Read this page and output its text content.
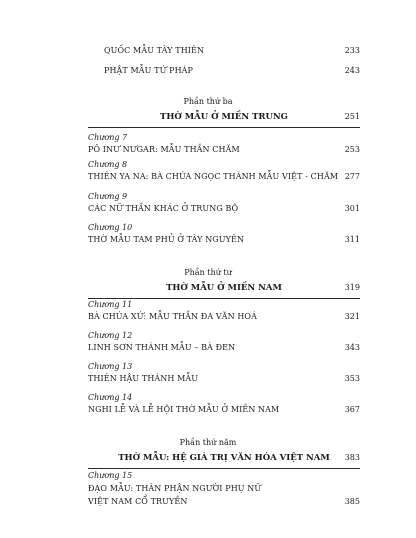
QUỐC MẪU TÂY THIÊN	233
PHẬT MẪU TỨ PHÁP	243
Phần thứ ba
THỜ MẪU Ở MIỀN TRUNG	251
Chương 7
PÔ INƯ NƯGAR: MẪU THẦN CHĂM	253
Chương 8
THIÊN YA NA: BÀ CHÚA NGỌC THÁNH MẪU VIỆT - CHĂM 277
Chương 9
CÁC NỮ THẦN KHÁC Ở TRUNG BỘ	301
Chương 10
THỜ MẪU TAM PHỦ Ở TÂY NGUYÊN	311
Phần thứ tư
THỜ MẪU Ở MIỀN NAM	319
Chương 11
BÀ CHÚA XỨ: MẪU THẦN ĐA VĂN HOÁ	321
Chương 12
LINH SƠN THÁNH MẪU – BÀ ĐEN	343
Chương 13
THIÊN HẬU THÁNH MẪU	353
Chương 14
NGHI LỄ VÀ LỄ HỘI THỜ MẪU Ở MIỀN NAM	367
Phần thứ năm
THỜ MẪU: HỆ GIÁ TRỊ VĂN HÓA VIỆT NAM	383
Chương 15
ĐẠO MẪU: THÂN PHẬN NGƯỜI PHỤ NỮ
VIỆT NAM CỔ TRUYỀN	385
